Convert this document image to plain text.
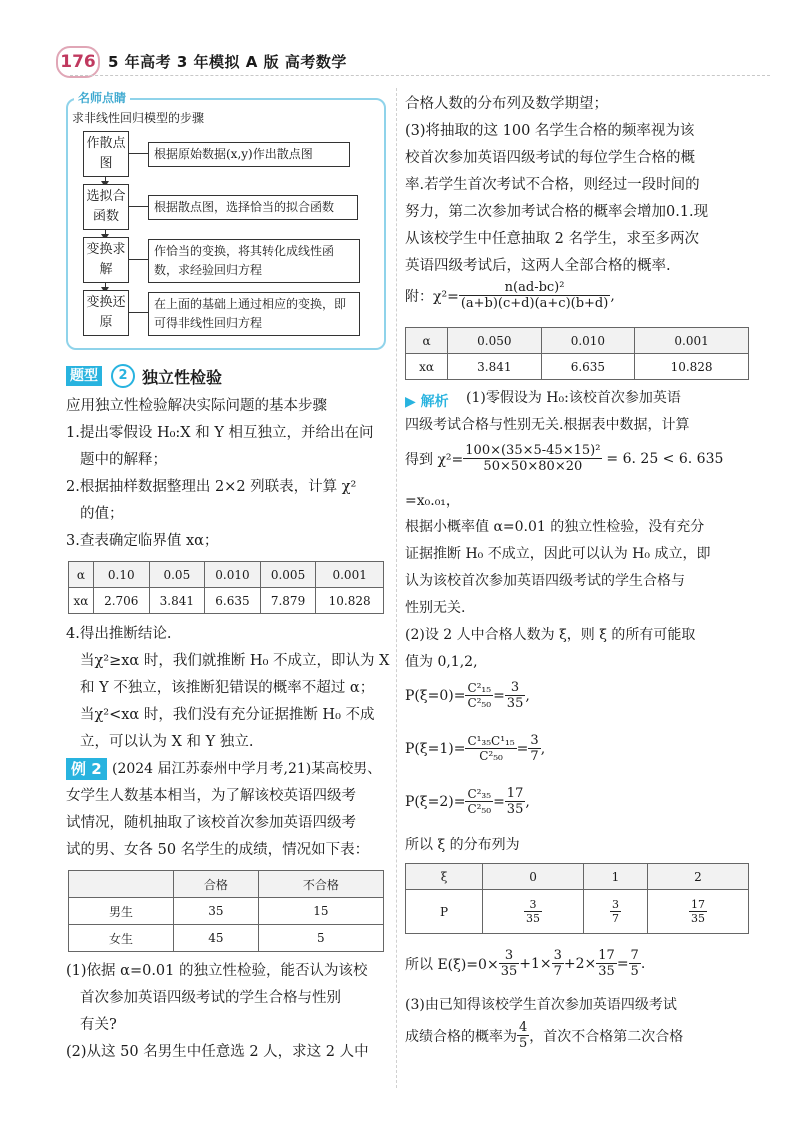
176 5 年高考 3 年模拟 A 版 高考数学
名师点睛
求非线性回归模型的步骤
作散点图
根据原始数据(x,y)作出散点图
选拟合函数
根据散点图，选择恰当的拟合函数
变换求解
作恰当的变换，将其转化成线性函数，求经验回归方程
变换还原
在上面的基础上通过相应的变换，即可得非线性回归方程
题型	2 独立性检验
应用独立性检验解决实际问题的基本步骤
1.提出零假设 H₀:X 和 Y 相互独立，并给出在问
题中的解释；
2.根据抽样数据整理出 2×2 列联表，计算 χ²
的值；
3.查表确定临界值 xα；
α	0.10	0.05	0.010	0.005	0.001
xα	2.706	3.841	6.635	7.879	10.828
4.得出推断结论.
当χ²≥xα 时，我们就推断 H₀ 不成立，即认为 X
和 Y 不独立，该推断犯错误的概率不超过 α；
当χ²<xα 时，我们没有充分证据推断 H₀ 不成
立，可以认为 X 和 Y 独立.
例 2 (2024 届江苏泰州中学月考,21)某高校男、
女学生人数基本相当，为了解该校英语四级考
试情况，随机抽取了该校首次参加英语四级考
试的男、女各 50 名学生的成绩，情况如下表：
	合格	不合格
男生	35	15
女生	45	5
(1)依据 α=0.01 的独立性检验，能否认为该校
首次参加英语四级考试的学生合格与性别
有关?
(2)从这 50 名男生中任意选 2 人，求这 2 人中
合格人数的分布列及数学期望；
(3)将抽取的这 100 名学生合格的频率视为该
校首次参加英语四级考试的每位学生合格的概
率.若学生首次考试不合格，则经过一段时间的
努力，第二次参加考试合格的概率会增加0.1.现
从该校学生中任意抽取 2 名学生，求至多两次
英语四级考试后，这两人全部合格的概率.
附：$\chi^2= \frac{\text{n(ad-bc)²}}{(a+b)(c+d)(a+c)(b+d)}$ ,
α	0.050	0.010	0.001
xα	3.841	6.635	10.828
▶ 解析 (1)零假设为 H₀:该校首次参加英语
四级考试合格与性别无关.根据表中数据，计算
得到 $\chi^2= \frac{\text{100×(35×5-45×15)²}}{50\times 50\times 80\times 20} = 6$. 25 < 6. 635
=x₀.₀₁，
根据小概率值 α=0.01 的独立性检验，没有充分
证据推断 H₀ 不成立，因此可以认为 H₀ 成立，即
认为该校首次参加英语四级考试的学生合格与
性别无关.
(2)设 2 人中合格人数为 ξ，则 ξ 的所有可能取
值为 0,1,2,
$P(\xi=0)= \frac{\text{C²₁₅}}{\text{C²₅₀}} = \frac{3}{35}$ ,
$P(\xi=1)= \frac{\text{C¹₃₅C¹₁₅}}{\text{C²₅₀}} = \frac{3}{7}$ ,
$P(\xi=2)= \frac{\text{C²₃₅}}{\text{C²₅₀}} = \frac{17}{35}$ ,
所以 ξ 的分布列为
ξ	0	1	2
P	$\frac{3}{35}$	$\frac{3}{7}$	$\frac{17}{35}$
所以 $E(\xi)=0\times \frac{3}{35} +1\times \frac{3}{7} +2\times \frac{17}{35} = \frac{7}{5}$ .
(3)由已知得该校学生首次参加英语四级考试
成绩合格的概率为 $\frac{4}{5}$ ，首次不合格第二次合格
